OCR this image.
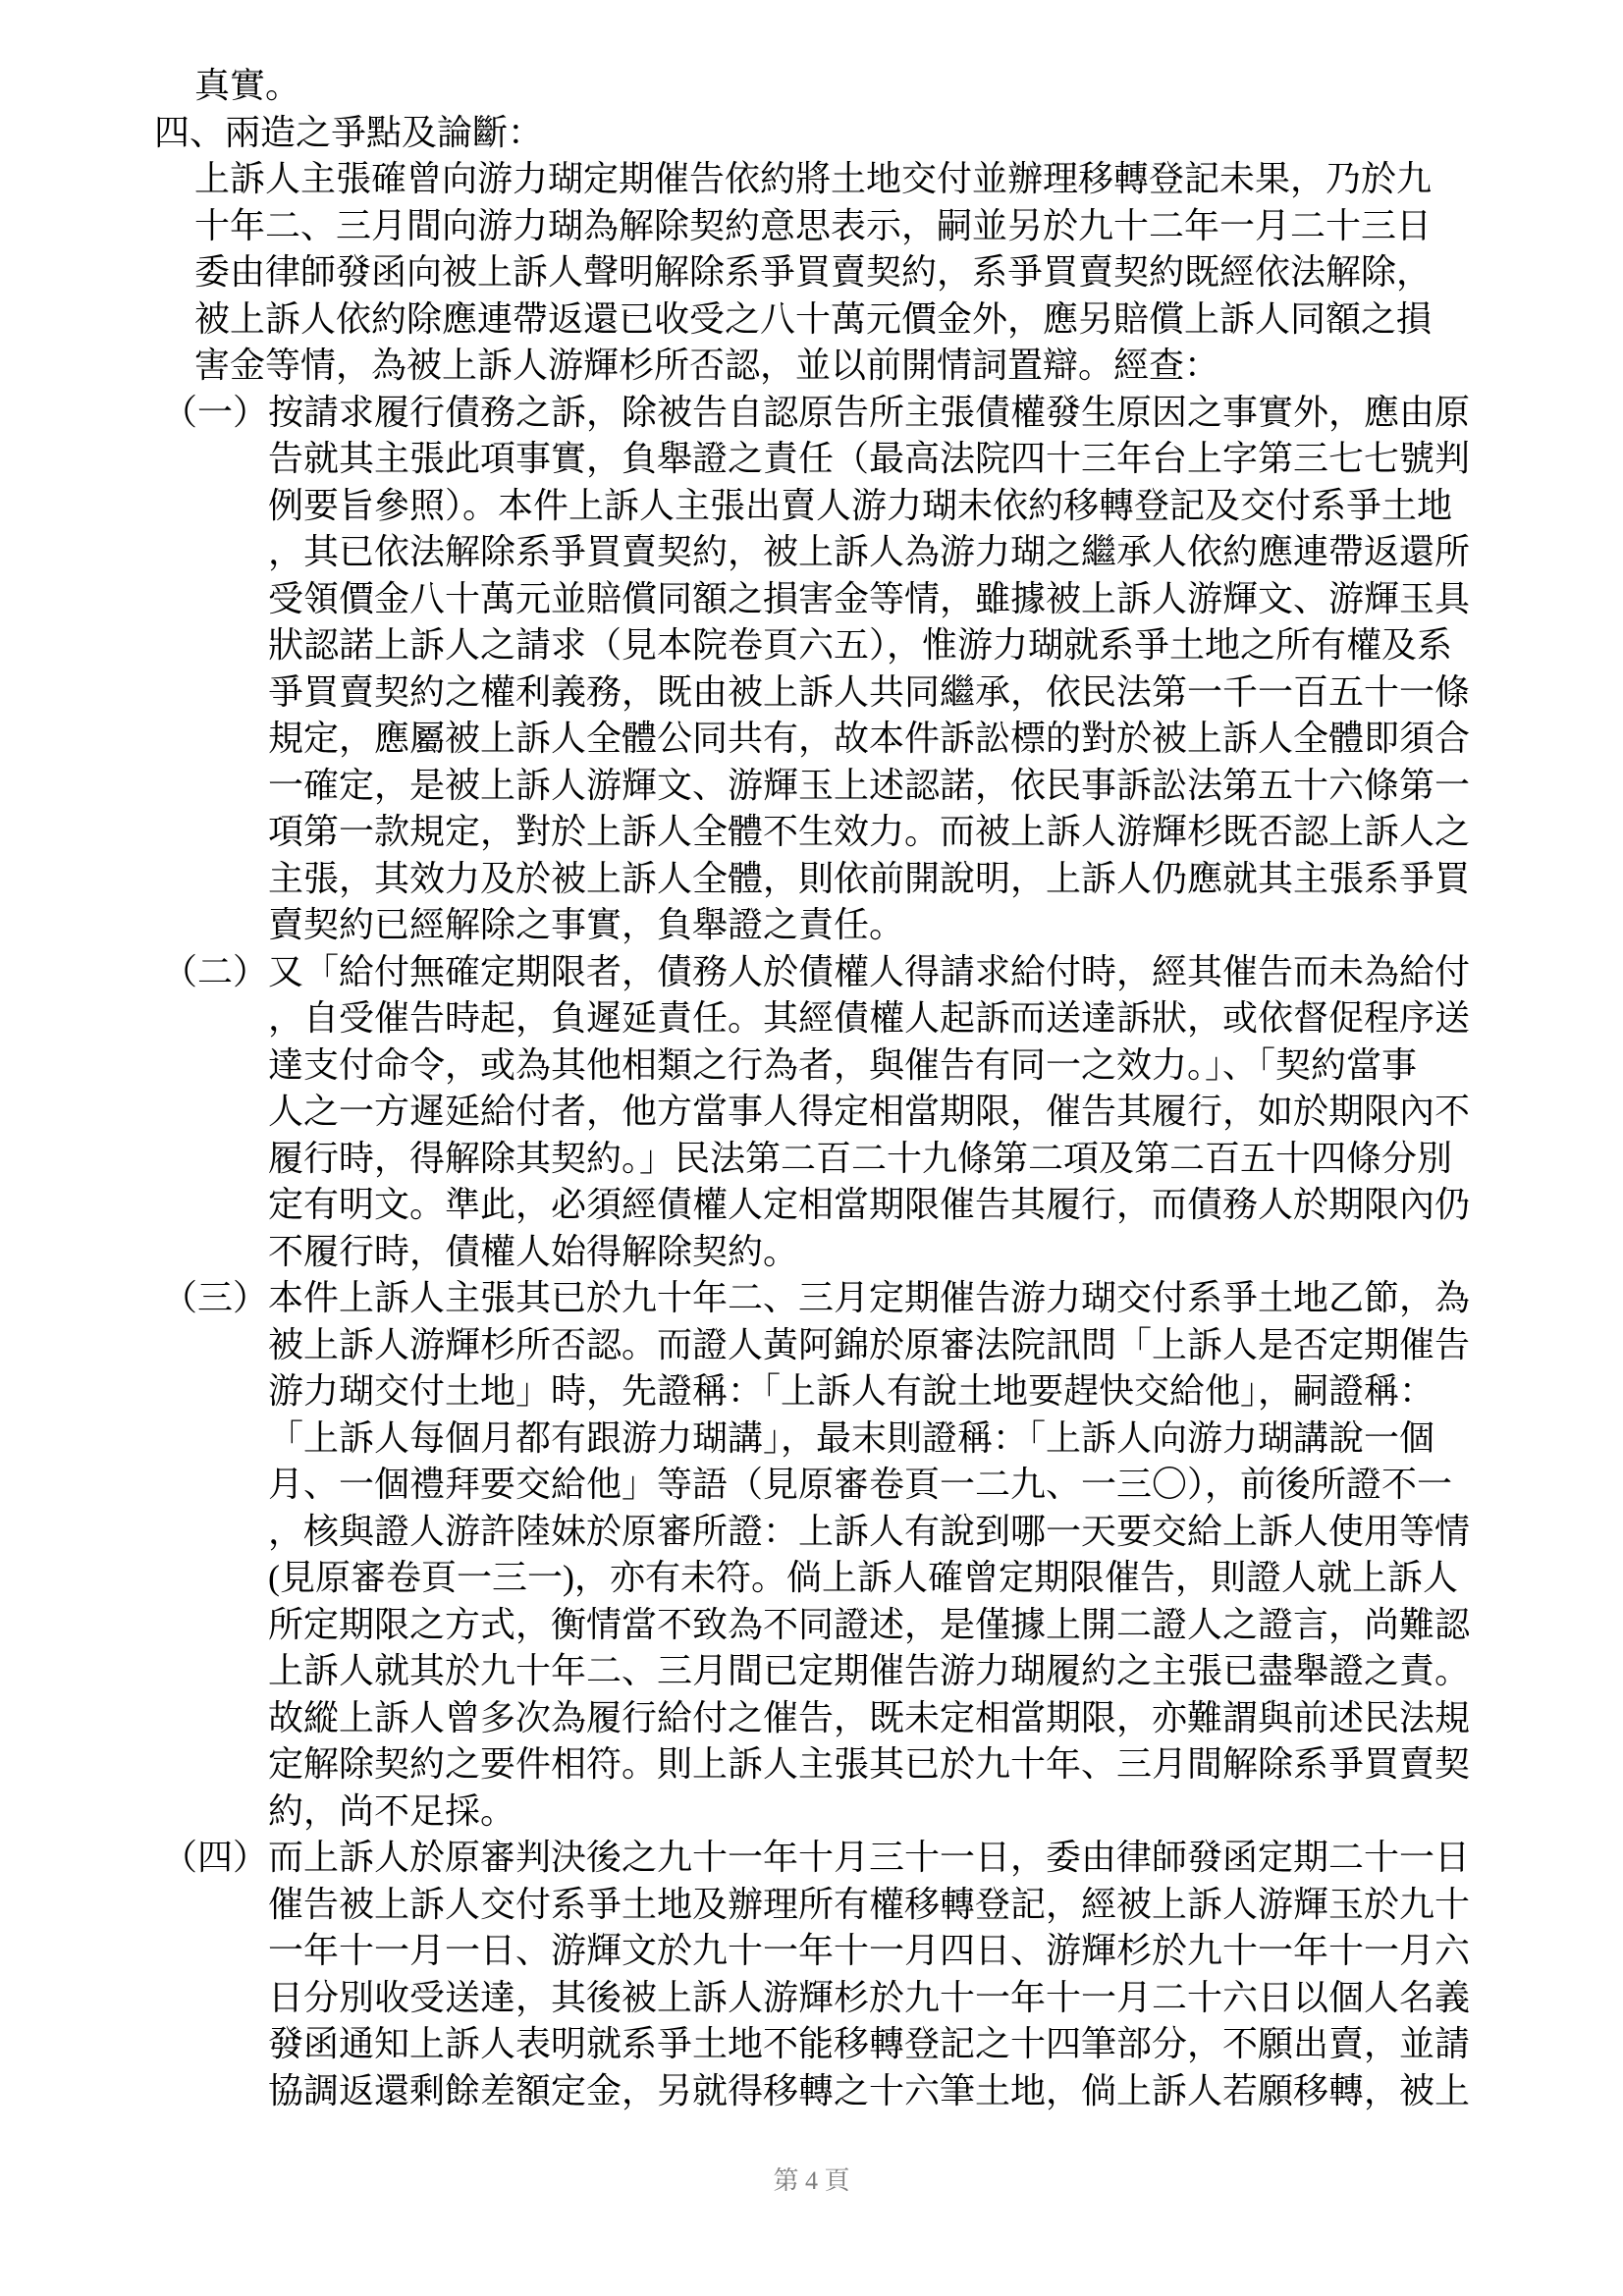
真實。
四、兩造之爭點及論斷：
上訴人主張確曾向游力瑚定期催告依約將土地交付並辦理移轉登記未果，乃於九
十年二、三月間向游力瑚為解除契約意思表示，嗣並另於九十二年一月二十三日
委由律師發函向被上訴人聲明解除系爭買賣契約，系爭買賣契約既經依法解除，
被上訴人依約除應連帶返還已收受之八十萬元價金外，應另賠償上訴人同額之損
害金等情，為被上訴人游輝杉所否認，並以前開情詞置辯。經查：
（一）按請求履行債務之訴，除被告自認原告所主張債權發生原因之事實外，應由原
告就其主張此項事實，負舉證之責任（最高法院四十三年台上字第三七七號判
例要旨參照）。本件上訴人主張出賣人游力瑚未依約移轉登記及交付系爭土地
，其已依法解除系爭買賣契約，被上訴人為游力瑚之繼承人依約應連帶返還所
受領價金八十萬元並賠償同額之損害金等情，雖據被上訴人游輝文、游輝玉具
狀認諾上訴人之請求（見本院卷頁六五），惟游力瑚就系爭土地之所有權及系
爭買賣契約之權利義務，既由被上訴人共同繼承，依民法第一千一百五十一條
規定，應屬被上訴人全體公同共有，故本件訴訟標的對於被上訴人全體即須合
一確定，是被上訴人游輝文、游輝玉上述認諾，依民事訴訟法第五十六條第一
項第一款規定，對於上訴人全體不生效力。而被上訴人游輝杉既否認上訴人之
主張，其效力及於被上訴人全體，則依前開說明，上訴人仍應就其主張系爭買
賣契約已經解除之事實，負舉證之責任。
（二）又「給付無確定期限者，債務人於債權人得請求給付時，經其催告而未為給付
，自受催告時起，負遲延責任。其經債權人起訴而送達訴狀，或依督促程序送
達支付命令，或為其他相類之行為者，與催告有同一之效力。」、「契約當事
人之一方遲延給付者，他方當事人得定相當期限，催告其履行，如於期限內不
履行時，得解除其契約。」民法第二百二十九條第二項及第二百五十四條分別
定有明文。準此，必須經債權人定相當期限催告其履行，而債務人於期限內仍
不履行時，債權人始得解除契約。
（三）本件上訴人主張其已於九十年二、三月定期催告游力瑚交付系爭土地乙節，為
被上訴人游輝杉所否認。而證人黃阿錦於原審法院訊問「上訴人是否定期催告
游力瑚交付土地」時，先證稱：「上訴人有說土地要趕快交給他」，嗣證稱：
「上訴人每個月都有跟游力瑚講」，最末則證稱：「上訴人向游力瑚講說一個
月、一個禮拜要交給他」等語（見原審卷頁一二九、一三〇），前後所證不一
，核與證人游許陸妹於原審所證：上訴人有說到哪一天要交給上訴人使用等情
(見原審卷頁一三一)，亦有未符。倘上訴人確曾定期限催告，則證人就上訴人
所定期限之方式，衡情當不致為不同證述，是僅據上開二證人之證言，尚難認
上訴人就其於九十年二、三月間已定期催告游力瑚履約之主張已盡舉證之責。
故縱上訴人曾多次為履行給付之催告，既未定相當期限，亦難謂與前述民法規
定解除契約之要件相符。則上訴人主張其已於九十年、三月間解除系爭買賣契
約，尚不足採。
（四）而上訴人於原審判決後之九十一年十月三十一日，委由律師發函定期二十一日
催告被上訴人交付系爭土地及辦理所有權移轉登記，經被上訴人游輝玉於九十
一年十一月一日、游輝文於九十一年十一月四日、游輝杉於九十一年十一月六
日分別收受送達，其後被上訴人游輝杉於九十一年十一月二十六日以個人名義
發函通知上訴人表明就系爭土地不能移轉登記之十四筆部分，不願出賣，並請
協調返還剩餘差額定金，另就得移轉之十六筆土地，倘上訴人若願移轉，被上
第 4 頁
